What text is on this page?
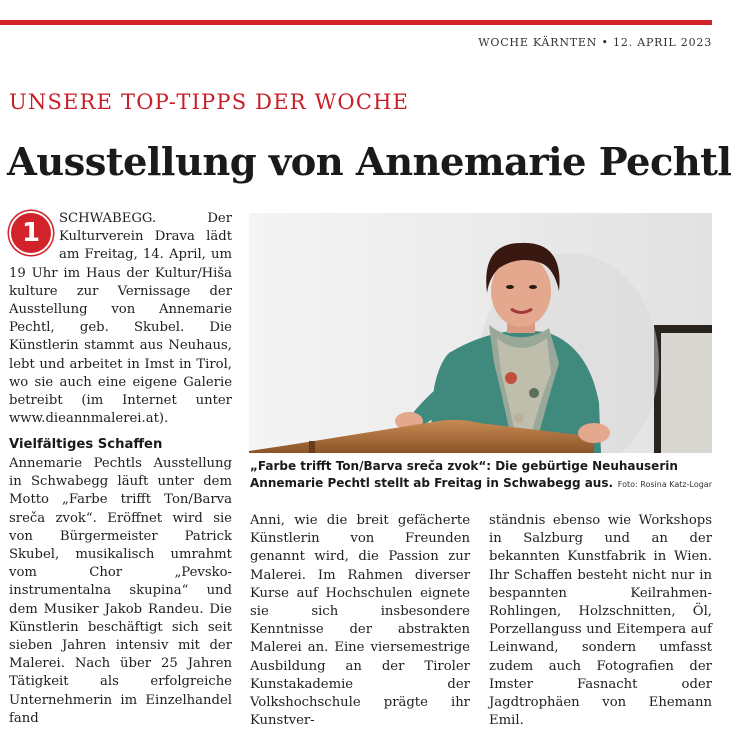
WOCHE KÄRNTEN • 12. APRIL 2023
UNSERE TOP-TIPPS DER WOCHE
Ausstellung von Annemarie Pechtl
1	SCHWABEGG. Der Kulturverein Drava lädt am Freitag, 14. April, um 19 Uhr im Haus der Kultur/Hiša kulture zur Vernissage der Ausstellung von Annemarie Pechtl, geb. Skubel. Die Künstlerin stammt aus Neuhaus, lebt und arbeitet in Imst in Tirol, wo sie auch eine eigene Galerie betreibt (im Internet unter www.dieannmalerei.at).

Vielfältiges Schaffen

Annemarie Pechtls Ausstellung in Schwabegg läuft unter dem Motto „Farbe trifft Ton/Barva sreča zvok“. Eröffnet wird sie von Bürgermeister Patrick Skubel, musikalisch umrahmt vom Chor „Pevsko-instrumentalna skupina“ und dem Musiker Jakob Randeu. Die Künstlerin beschäftigt sich seit sieben Jahren intensiv mit der Malerei. Nach über 25 Jahren Tätigkeit als erfolgreiche Unternehmerin im Einzelhandel fand

„Farbe trifft Ton/Barva sreča zvok“: Die gebürtige Neuhauserin Annemarie Pechtl stellt ab Freitag in Schwabegg aus. Foto: Rosina Katz-Logar

Anni, wie die breit gefächerte Künstlerin von Freunden genannt wird, die Passion zur Malerei. Im Rahmen diverser Kurse auf Hochschulen eignete sie sich insbesondere Kenntnisse der abstrakten Malerei an. Eine viersemestrige Ausbildung an der Tiroler Kunstakademie der Volkshochschule prägte ihr Kunstver-

ständnis ebenso wie Workshops in Salzburg und an der bekannten Kunstfabrik in Wien. Ihr Schaffen besteht nicht nur in bespannten Keilrahmen-Rohlingen, Holzschnitten, Öl, Porzellanguss und Eitempera auf Leinwand, sondern umfasst zudem auch Fotografien der Imster Fasnacht oder Jagdtrophäen von Ehemann Emil.
